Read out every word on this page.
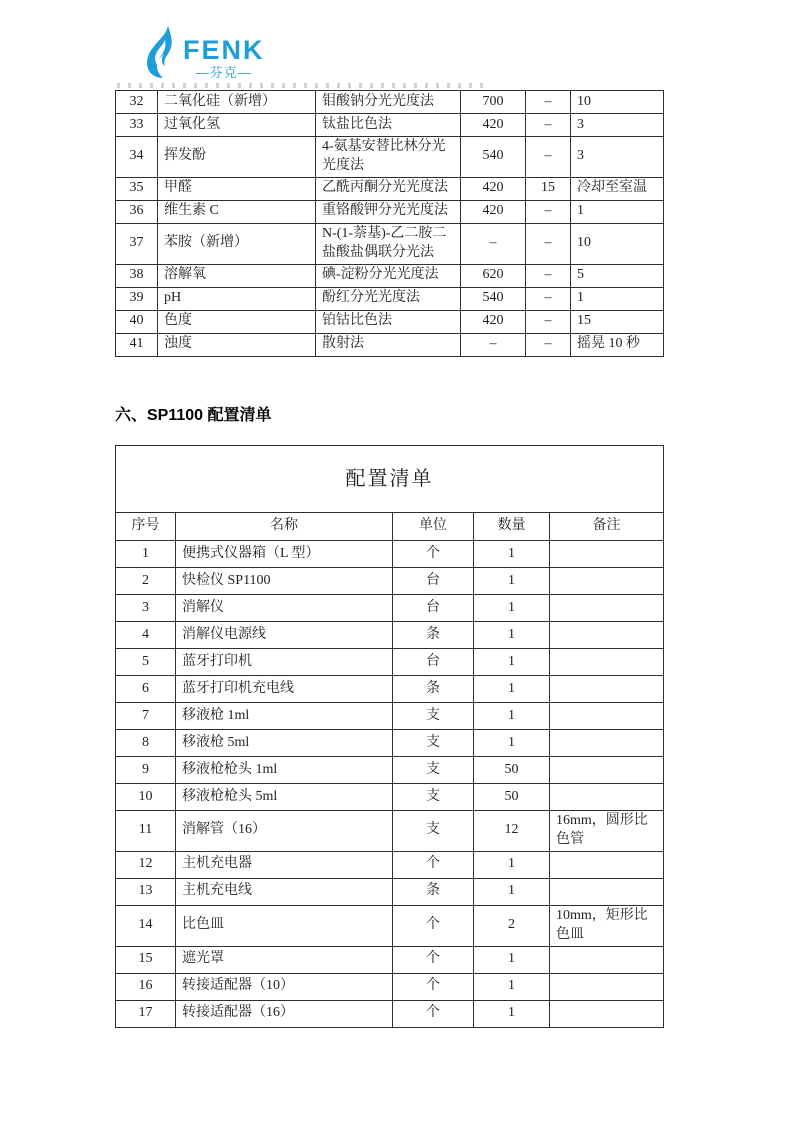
FENK
—芬克—
32	二氧化硅（新增）	钼酸钠分光光度法	700	–	10
33	过氧化氢	钛盐比色法	420	–	3
34	挥发酚	4-氨基安替比林分光光度法	540	–	3
35	甲醛	乙酰丙酮分光光度法	420	15	冷却至室温
36	维生素 C	重铬酸钾分光光度法	420	–	1
37	苯胺（新增）	N-(1-萘基)-乙二胺二盐酸盐偶联分光法	–	–	10
38	溶解氧	碘-淀粉分光光度法	620	–	5
39	pH	酚红分光光度法	540	–	1
40	色度	铂钴比色法	420	–	15
41	浊度	散射法	–	–	摇晃 10 秒
六、SP1100 配置清单
配置清单				
序号	名称	单位	数量	备注
1	便携式仪器箱（L 型）	个	1	
2	快检仪 SP1100	台	1	
3	消解仪	台	1	
4	消解仪电源线	条	1	
5	蓝牙打印机	台	1	
6	蓝牙打印机充电线	条	1	
7	移液枪 1ml	支	1	
8	移液枪 5ml	支	1	
9	移液枪枪头 1ml	支	50	
10	移液枪枪头 5ml	支	50	
11	消解管（16）	支	12	16mm，圆形比色管
12	主机充电器	个	1	
13	主机充电线	条	1	
14	比色皿	个	2	10mm，矩形比色皿
15	遮光罩	个	1	
16	转接适配器（10）	个	1	
17	转接适配器（16）	个	1	
